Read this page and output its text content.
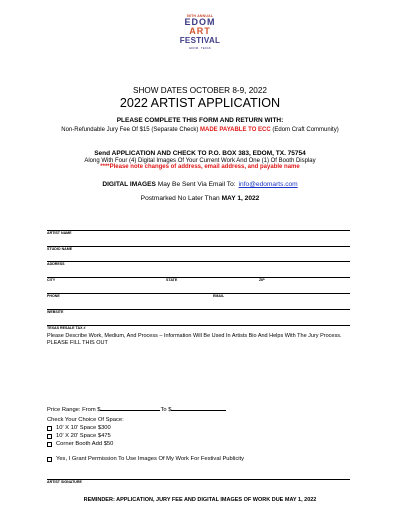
56TH ANNUAL
EDOM
ART
FESTIVAL
EDOM · TEXAS
SHOW DATES OCTOBER 8-9, 2022
2022 ARTIST APPLICATION
PLEASE COMPLETE THIS FORM AND RETURN WITH:
Non-Refundable Jury Fee Of $15 (Separate Check) MADE PAYABLE TO ECC (Edom Craft Community)
Send APPLICATION AND CHECK TO P.O. BOX 383, EDOM, TX. 75754
Along With Four (4) Digital Images Of Your Current Work And One (1) Of Booth Display
****Please note changes of address, email address, and payable name
DIGITAL IMAGES May Be Sent Via Email To: info@edomarts.com
Postmarked No Later Than MAY 1, 2022
ARTIST NAME
STUDIO NAME
ADDRESS
CITY	STATE	ZIP
PHONE	EMAIL
WEBSITE
TEXAS RESALE TAX #
Please Describe Work, Medium, And Process – Information Will Be Used In Artists Bio And Helps With The Jury Process. PLEASE FILL THIS OUT
Price Range: From $	To $
Check Your Choice Of Space:
10' X 10' Space $300
10' X 20' Space $475
Corner Booth Add $50
Yes, I Grant Permission To Use Images Of My Work For Festival Publicity
ARTIST SIGNATURE
REMINDER: APPLICATION, JURY FEE AND DIGITAL IMAGES OF WORK DUE MAY 1, 2022
